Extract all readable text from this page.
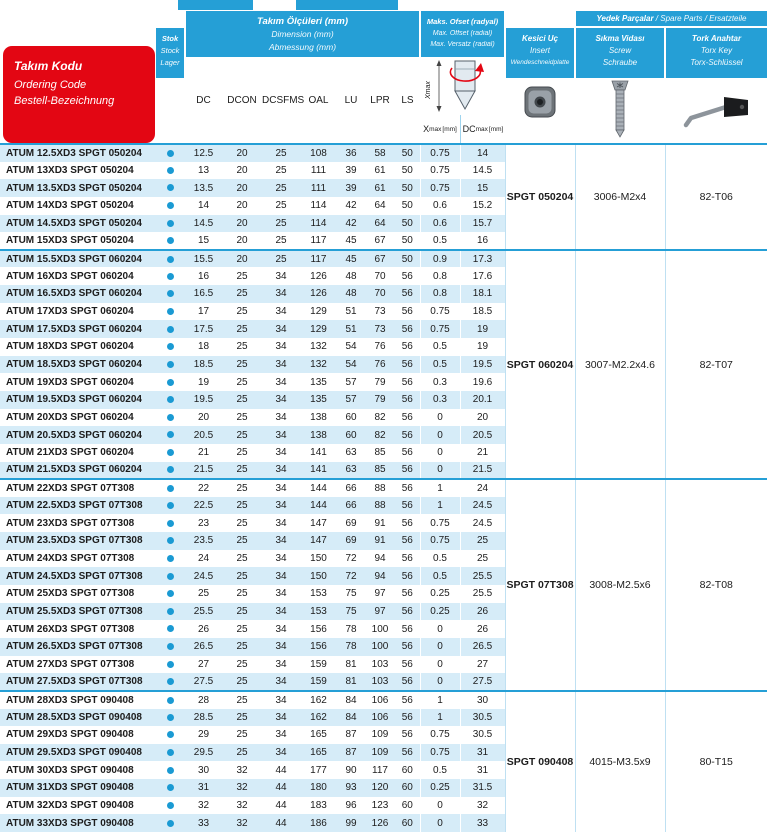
Takım Kodu
Ordering Code
Bestell-Bezeichnung
Stok
Stock
Lager
Takım Ölçüleri (mm)
Dimension (mm)
Abmessung (mm)
Maks. Ofset (radyal)
Max. Offset (radial)
Max. Versatz (radial)
Yedek Parçalar / Spare Parts / Ersatzteile
Kesici Uç
Insert
Wendeschneidplatte
Sıkma Vidası
Screw
Schraube
Tork Anahtar
Torx Key
Torx-Schlüssel
DC	DCON DCSFMS OAL	LU	LPR	LS
Xmax
X max [mm] DC max [mm]
ATUM 12.5XD3 SPGT 050204		12.5	20	25	108	36	58	50	0.75	14	SPGT 050204	3006-M2x4	82-T06
ATUM 13XD3 SPGT 050204		13	20	25	111	39	61	50	0.75	14.5			
ATUM 13.5XD3 SPGT 050204		13.5	20	25	111	39	61	50	0.75	15			
ATUM 14XD3 SPGT 050204		14	20	25	114	42	64	50	0.6	15.2			
ATUM 14.5XD3 SPGT 050204		14.5	20	25	114	42	64	50	0.6	15.7			
ATUM 15XD3 SPGT 050204		15	20	25	117	45	67	50	0.5	16			
ATUM 15.5XD3 SPGT 060204		15.5	20	25	117	45	67	50	0.9	17.3	SPGT 060204	3007-M2.2x4.6	82-T07
ATUM 16XD3 SPGT 060204		16	25	34	126	48	70	56	0.8	17.6			
ATUM 16.5XD3 SPGT 060204		16.5	25	34	126	48	70	56	0.8	18.1			
ATUM 17XD3 SPGT 060204		17	25	34	129	51	73	56	0.75	18.5			
ATUM 17.5XD3 SPGT 060204		17.5	25	34	129	51	73	56	0.75	19			
ATUM 18XD3 SPGT 060204		18	25	34	132	54	76	56	0.5	19			
ATUM 18.5XD3 SPGT 060204		18.5	25	34	132	54	76	56	0.5	19.5			
ATUM 19XD3 SPGT 060204		19	25	34	135	57	79	56	0.3	19.6			
ATUM 19.5XD3 SPGT 060204		19.5	25	34	135	57	79	56	0.3	20.1			
ATUM 20XD3 SPGT 060204		20	25	34	138	60	82	56	0	20			
ATUM 20.5XD3 SPGT 060204		20.5	25	34	138	60	82	56	0	20.5			
ATUM 21XD3 SPGT 060204		21	25	34	141	63	85	56	0	21			
ATUM 21.5XD3 SPGT 060204		21.5	25	34	141	63	85	56	0	21.5			
ATUM 22XD3 SPGT 07T308		22	25	34	144	66	88	56	1	24	SPGT 07T308	3008-M2.5x6	82-T08
ATUM 22.5XD3 SPGT 07T308		22.5	25	34	144	66	88	56	1	24.5			
ATUM 23XD3 SPGT 07T308		23	25	34	147	69	91	56	0.75	24.5			
ATUM 23.5XD3 SPGT 07T308		23.5	25	34	147	69	91	56	0.75	25			
ATUM 24XD3 SPGT 07T308		24	25	34	150	72	94	56	0.5	25			
ATUM 24.5XD3 SPGT 07T308		24.5	25	34	150	72	94	56	0.5	25.5			
ATUM 25XD3 SPGT 07T308		25	25	34	153	75	97	56	0.25	25.5			
ATUM 25.5XD3 SPGT 07T308		25.5	25	34	153	75	97	56	0.25	26			
ATUM 26XD3 SPGT 07T308		26	25	34	156	78	100	56	0	26			
ATUM 26.5XD3 SPGT 07T308		26.5	25	34	156	78	100	56	0	26.5			
ATUM 27XD3 SPGT 07T308		27	25	34	159	81	103	56	0	27			
ATUM 27.5XD3 SPGT 07T308		27.5	25	34	159	81	103	56	0	27.5			
ATUM 28XD3 SPGT 090408		28	25	34	162	84	106	56	1	30	SPGT 090408	4015-M3.5x9	80-T15
ATUM 28.5XD3 SPGT 090408		28.5	25	34	162	84	106	56	1	30.5			
ATUM 29XD3 SPGT 090408		29	25	34	165	87	109	56	0.75	30.5			
ATUM 29.5XD3 SPGT 090408		29.5	25	34	165	87	109	56	0.75	31			
ATUM 30XD3 SPGT 090408		30	32	44	177	90	117	60	0.5	31			
ATUM 31XD3 SPGT 090408		31	32	44	180	93	120	60	0.25	31.5			
ATUM 32XD3 SPGT 090408		32	32	44	183	96	123	60	0	32			
ATUM 33XD3 SPGT 090408		33	32	44	186	99	126	60	0	33			
